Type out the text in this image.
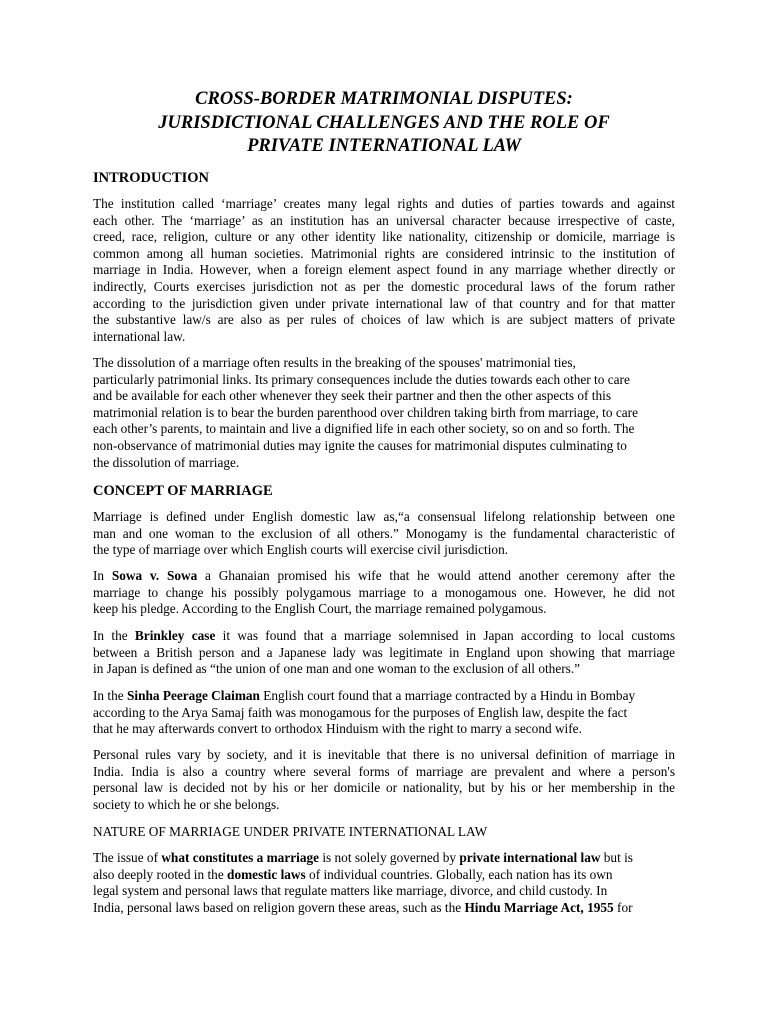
CROSS-BORDER MATRIMONIAL DISPUTES:
JURISDICTIONAL CHALLENGES AND THE ROLE OF
PRIVATE INTERNATIONAL LAW
INTRODUCTION
The institution called ‘marriage’ creates many legal rights and duties of parties towards and against
each other. The ‘marriage’ as an institution has an universal character because irrespective of caste,
creed, race, religion, culture or any other identity like nationality, citizenship or domicile, marriage is
common among all human societies. Matrimonial rights are considered intrinsic to the institution of
marriage in India. However, when a foreign element aspect found in any marriage whether directly or
indirectly, Courts exercises jurisdiction not as per the domestic procedural laws of the forum rather
according to the jurisdiction given under private international law of that country and for that matter
the substantive law/s are also as per rules of choices of law which is are subject matters of private
international law.
The dissolution of a marriage often results in the breaking of the spouses' matrimonial ties,
particularly patrimonial links. Its primary consequences include the duties towards each other to care
and be available for each other whenever they seek their partner and then the other aspects of this
matrimonial relation is to bear the burden parenthood over children taking birth from marriage, to care
each other’s parents, to maintain and live a dignified life in each other society, so on and so forth. The
non-observance of matrimonial duties may ignite the causes for matrimonial disputes culminating to
the dissolution of marriage.
CONCEPT OF MARRIAGE
Marriage is defined under English domestic law as,“a consensual lifelong relationship between one
man and one woman to the exclusion of all others.” Monogamy is the fundamental characteristic of
the type of marriage over which English courts will exercise civil jurisdiction.
In Sowa v. Sowa a Ghanaian promised his wife that he would attend another ceremony after the
marriage to change his possibly polygamous marriage to a monogamous one. However, he did not
keep his pledge. According to the English Court, the marriage remained polygamous.
In the Brinkley case it was found that a marriage solemnised in Japan according to local customs
between a British person and a Japanese lady was legitimate in England upon showing that marriage
in Japan is defined as “the union of one man and one woman to the exclusion of all others.”
In the Sinha Peerage Claiman English court found that a marriage contracted by a Hindu in Bombay
according to the Arya Samaj faith was monogamous for the purposes of English law, despite the fact
that he may afterwards convert to orthodox Hinduism with the right to marry a second wife.
Personal rules vary by society, and it is inevitable that there is no universal definition of marriage in
India. India is also a country where several forms of marriage are prevalent and where a person's
personal law is decided not by his or her domicile or nationality, but by his or her membership in the
society to which he or she belongs.
NATURE OF MARRIAGE UNDER PRIVATE INTERNATIONAL LAW
The issue of what constitutes a marriage is not solely governed by private international law but is
also deeply rooted in the domestic laws of individual countries. Globally, each nation has its own
legal system and personal laws that regulate matters like marriage, divorce, and child custody. In
India, personal laws based on religion govern these areas, such as the Hindu Marriage Act, 1955 for
